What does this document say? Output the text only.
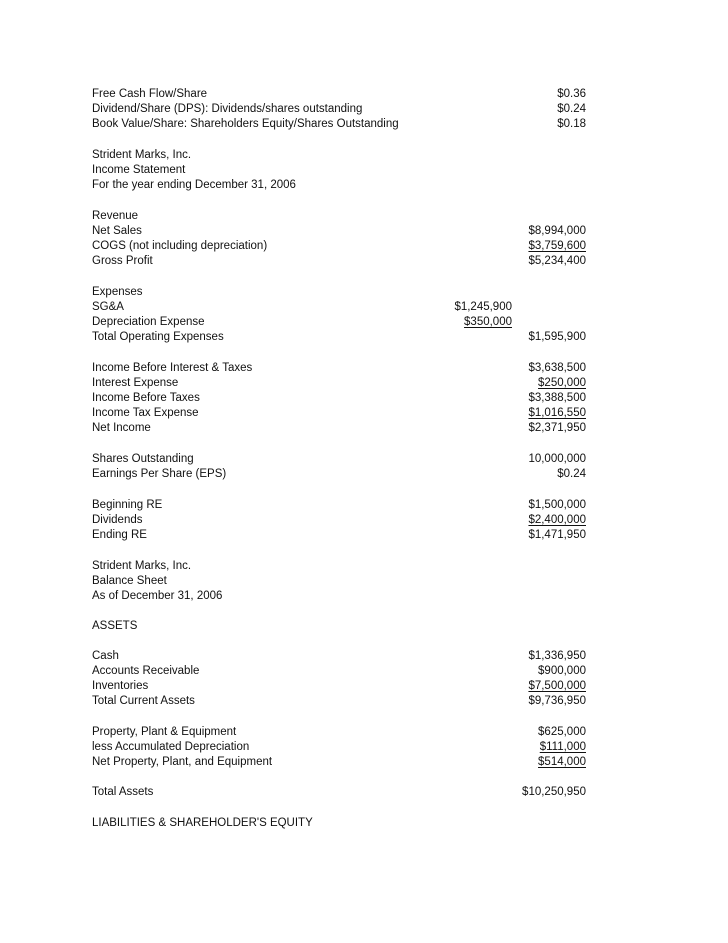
Free Cash Flow/Share	$0.36
Dividend/Share (DPS): Dividends/shares outstanding	$0.24
Book Value/Share: Shareholders Equity/Shares Outstanding	$0.18
Strident Marks, Inc.
Income Statement
For the year ending December 31, 2006
Revenue
Net Sales	$8,994,000
COGS (not including depreciation)	$3,759,600
Gross Profit	$5,234,400
Expenses
SG&A	$1,245,900
Depreciation Expense	$350,000
Total Operating Expenses	$1,595,900
Income Before Interest & Taxes	$3,638,500
Interest Expense	$250,000
Income Before Taxes	$3,388,500
Income Tax Expense	$1,016,550
Net Income	$2,371,950
Shares Outstanding	10,000,000
Earnings Per Share (EPS)	$0.24
Beginning RE	$1,500,000
Dividends	$2,400,000
Ending RE	$1,471,950
Strident Marks, Inc.
Balance Sheet
As of December 31, 2006
ASSETS
Cash	$1,336,950
Accounts Receivable	$900,000
Inventories	$7,500,000
Total Current Assets	$9,736,950
Property, Plant & Equipment	$625,000
less Accumulated Depreciation	$111,000
Net Property, Plant, and Equipment	$514,000
Total Assets	$10,250,950
LIABILITIES & SHAREHOLDER'S EQUITY
